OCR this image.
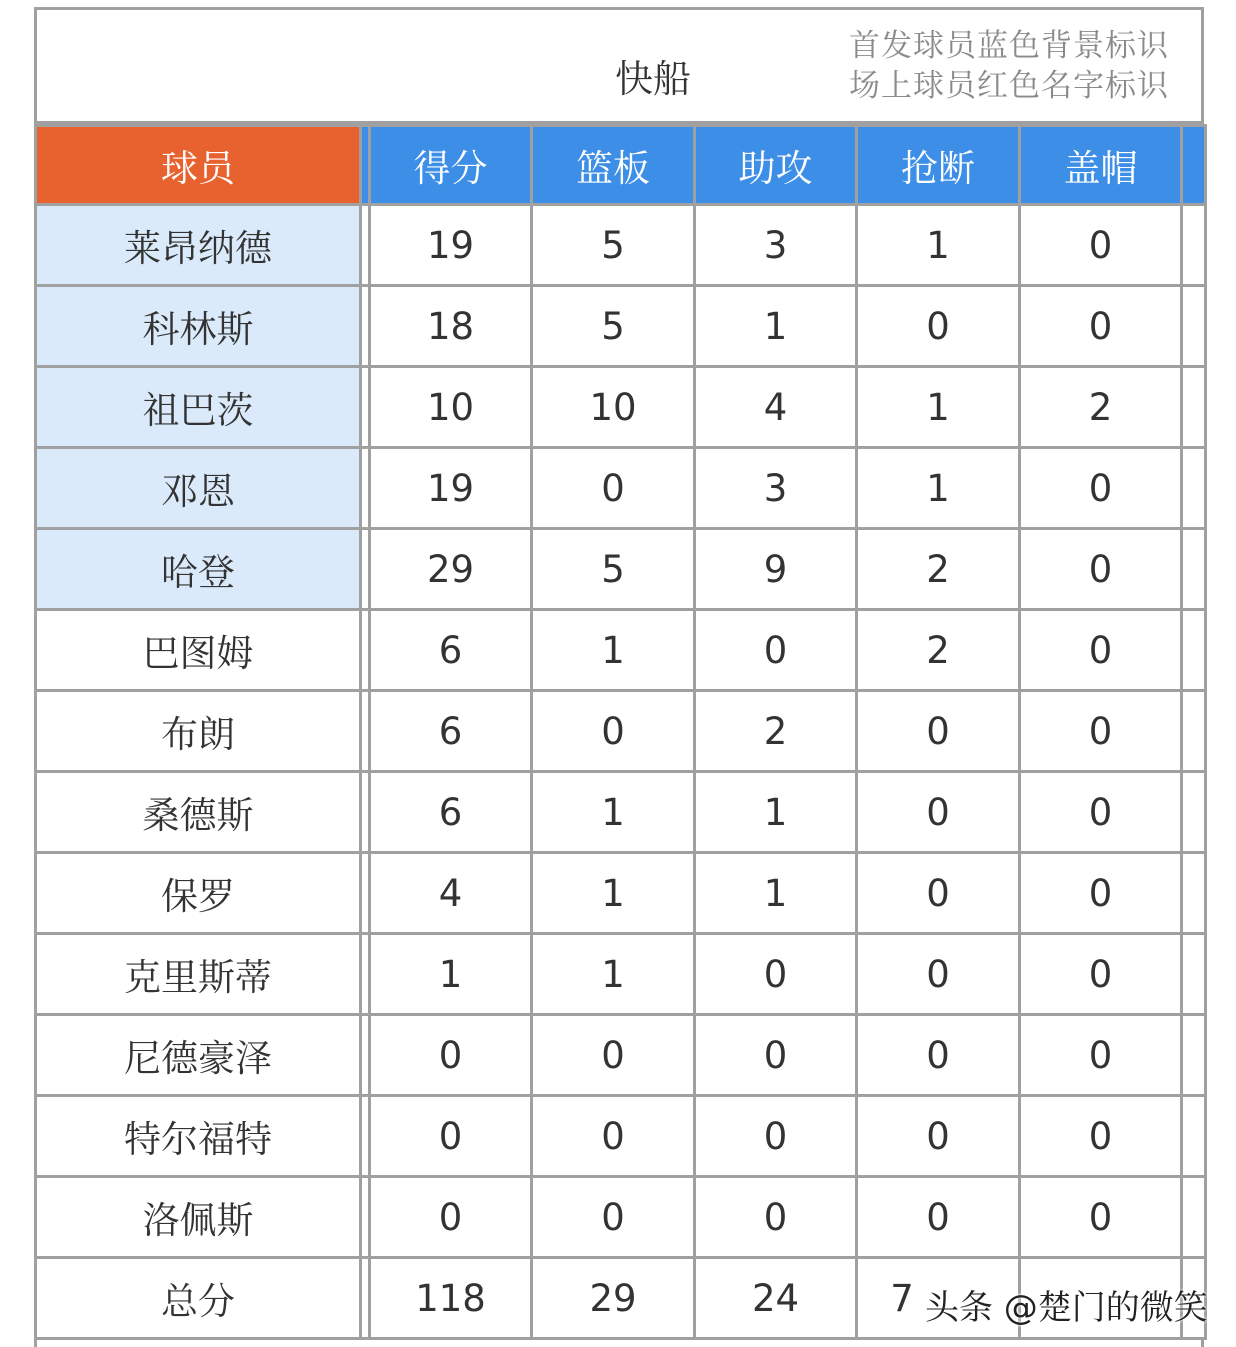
快船
首发球员蓝色背景标识
场上球员红色名字标识
球员		得分	篮板	助攻	抢断	盖帽	
莱昂纳德		19	5	3	1	0	
科林斯		18	5	1	0	0	
祖巴茨		10	10	4	1	2	
邓恩		19	0	3	1	0	
哈登		29	5	9	2	0	
巴图姆		6	1	0	2	0	
布朗		6	0	2	0	0	
桑德斯		6	1	1	0	0	
保罗		4	1	1	0	0	
克里斯蒂		1	1	0	0	0	
尼德豪泽		0	0	0	0	0	
特尔福特		0	0	0	0	0	
洛佩斯		0	0	0	0	0	
总分		118	29	24	7		头条 @楚门的微笑
